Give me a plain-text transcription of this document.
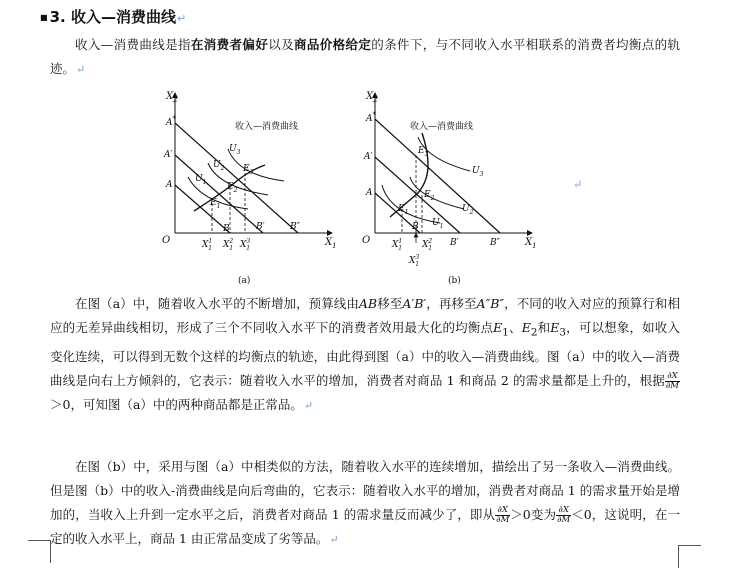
■ 3. 收入—消费曲线↵
收入—消费曲线是指在消费者偏好以及商品价格给定的条件下，与不同收入水平相联系的消费者均衡点的轨迹。↵
$X_2$
$X_1$
O
A*
A′
A
B	B′	B″
收入—消费曲线
$U_1$
$U_2$
$U_3$
$E_1$
$E_2$
$E_3$
$X^1$ 1 $X^2$ 1 $X^3$ 1
(a)
$X_2$
$X_1$
O
A*
A′
A
B
B′	B″
收入—消费曲线
$U_1$
$U_2$
$U_3$
$E_1$
$E_2$
$E_3$
$X^1$ 1 $X^2$ 1
$X^3$ 1
(b)
↵
在图（a）中，随着收入水平的不断增加，预算线由AB移至A′B′，再移至A″B″，不同的收入对应的预算行和相应的无差异曲线相切，形成了三个不同收入水平下的消费者效用最大化的均衡点$E_1$、$E_2$和$E_3$，可以想象，如收入变化连续，可以得到无数个这样的均衡点的轨迹，由此得到图（a）中的收入—消费曲线。图（a）中的收入—消费曲线是向右上方倾斜的，它表示：随着收入水平的增加，消费者对商品 1 和商品 2 的需求量都是上升的，根据 $\frac{\partial X}{\partial M}$
＞0，可知图（a）中的两种商品都是正常品。↵
在图（b）中，采用与图（a）中相类似的方法，随着收入水平的连续增加，描绘出了另一条收入—消费曲线。但是图（b）中的收入-消费曲线是向后弯曲的，它表示：随着收入水平的增加，消费者对商品 1 的需求量开始是增加的，当收入上升到一定水平之后，消费者对商品 1 的需求量反而减少了，即从 $\frac{\partial X}{\partial M} >0$变为 $\frac{\partial X}{\partial M} <0$，这说明，在一定的收入水平上，商品 1 由正常品变成了劣等品。↵
